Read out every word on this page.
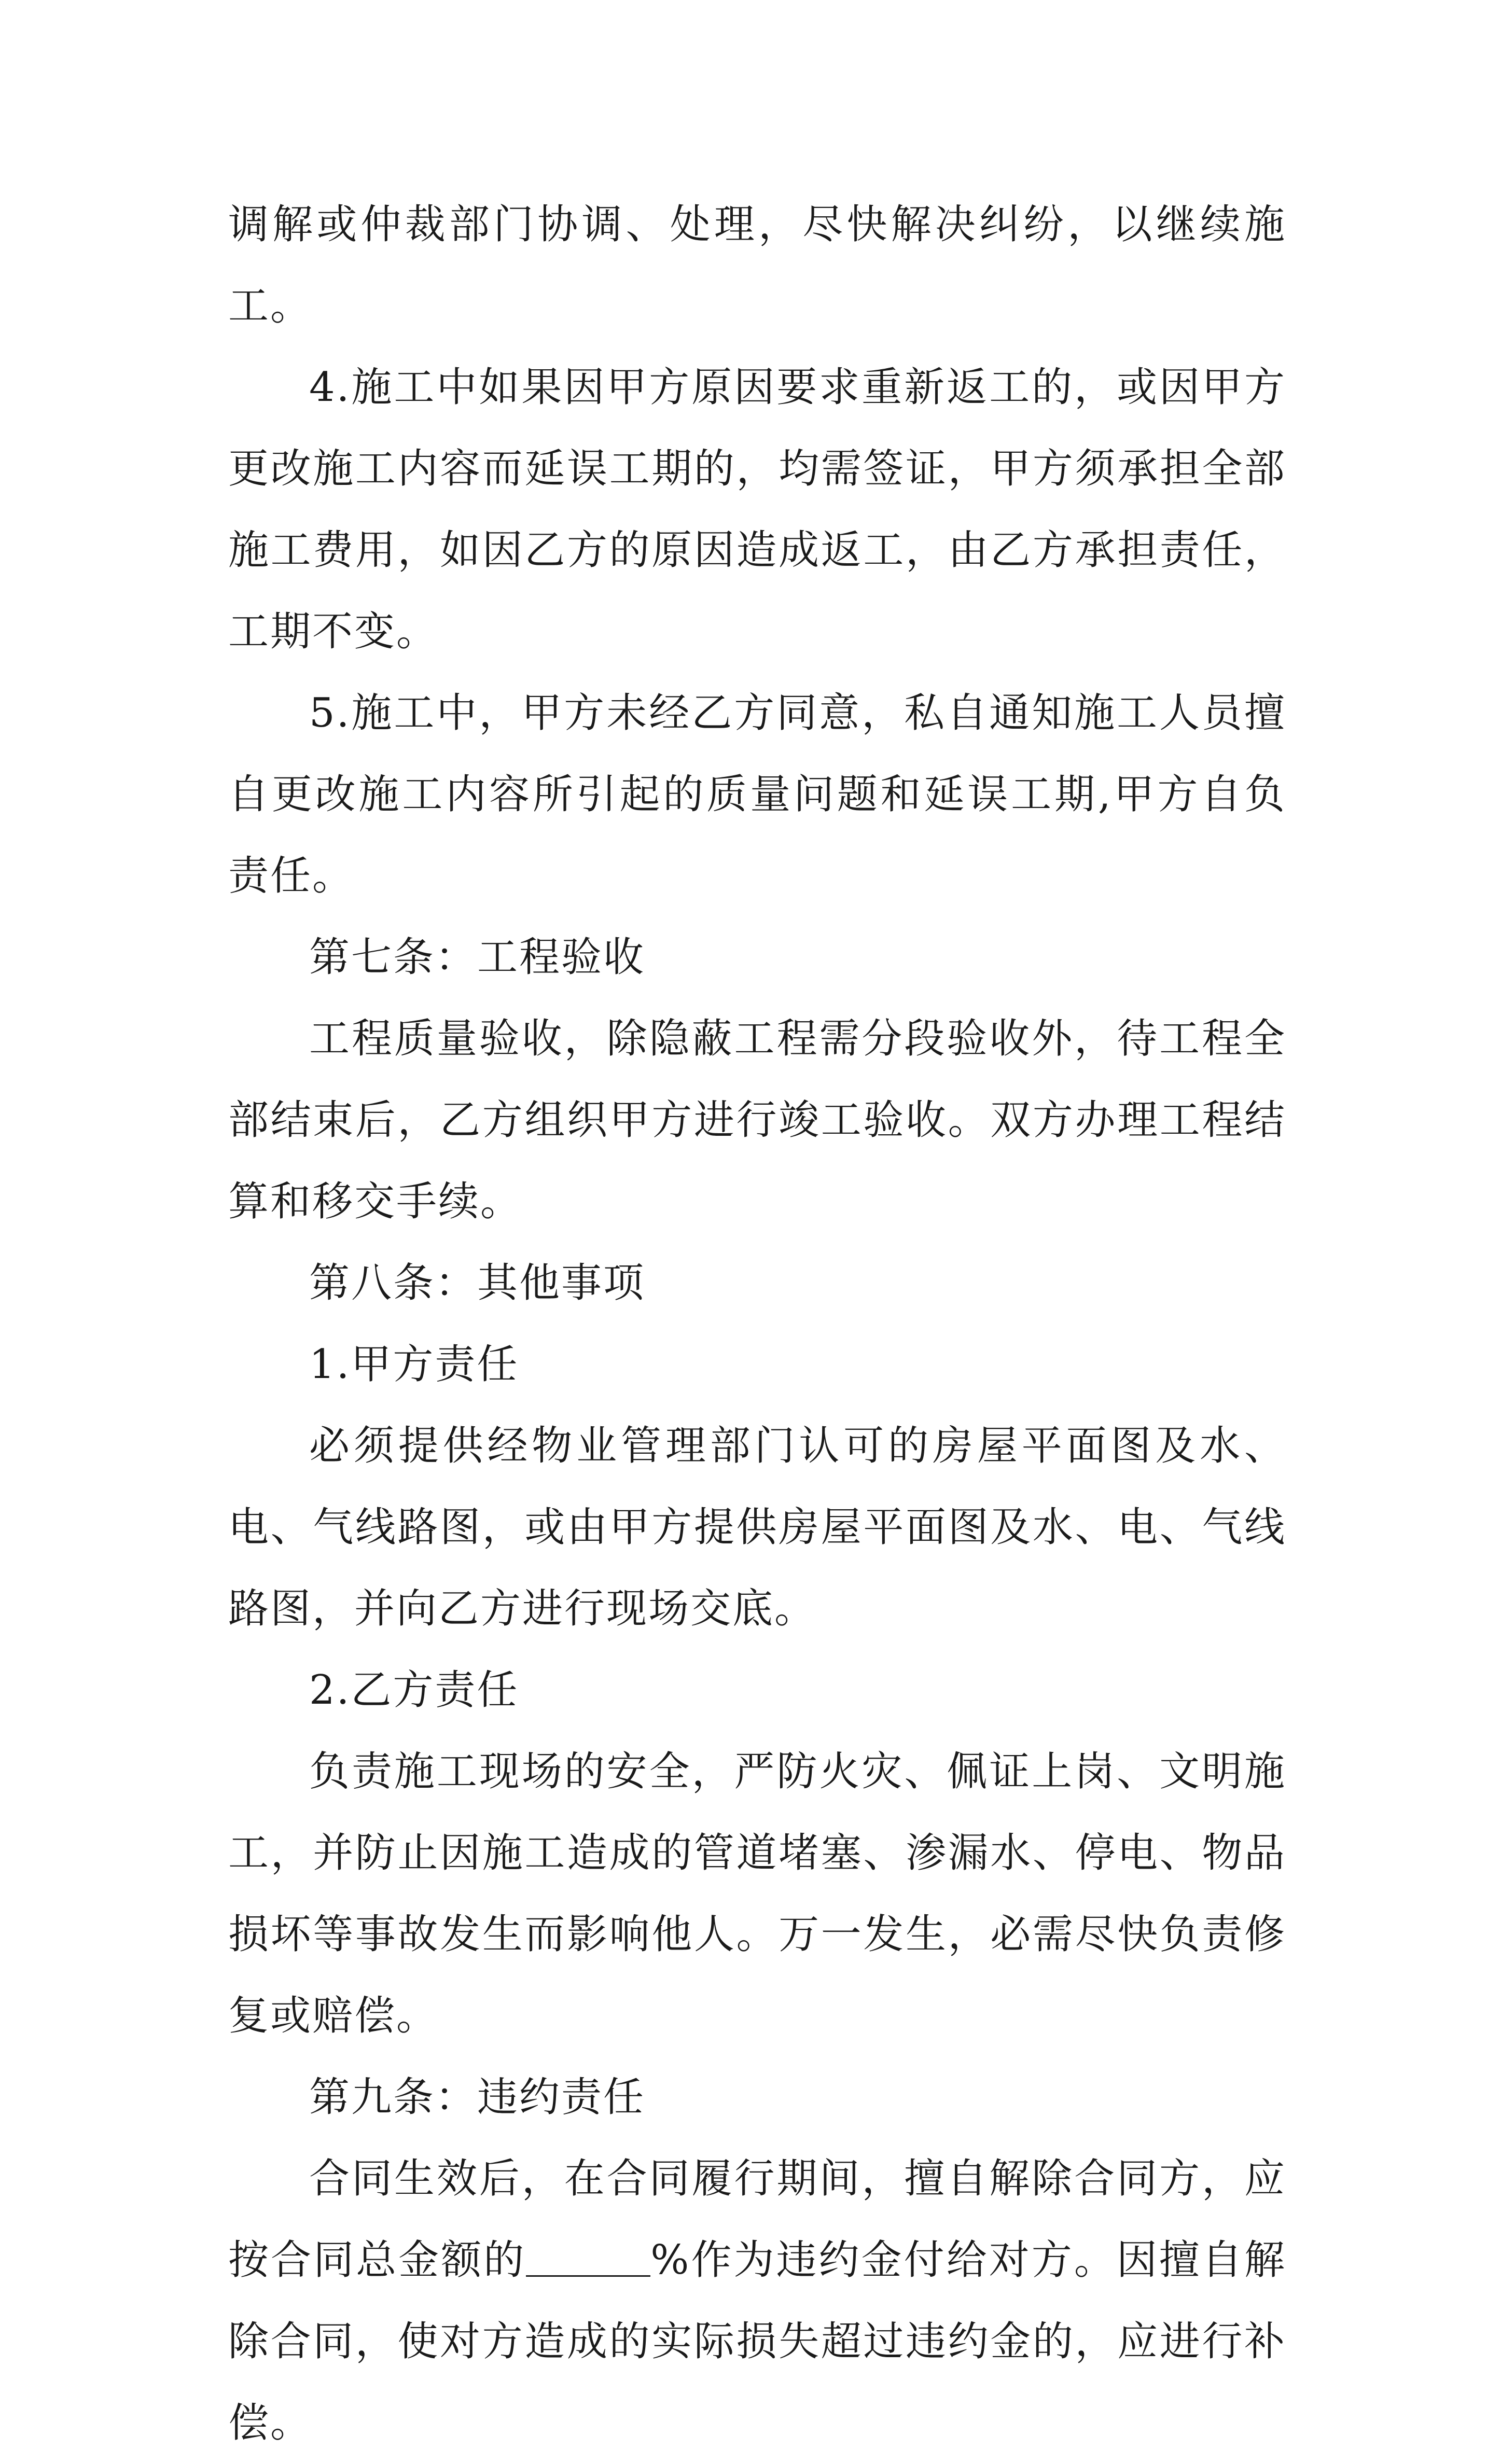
调解或仲裁部门协调、处理，尽快解决纠纷，以继续施工。

4.施工中如果因甲方原因要求重新返工的，或因甲方更改施工内容而延误工期的，均需签证，甲方须承担全部施工费用，如因乙方的原因造成返工，由乙方承担责任，工期不变。

5.施工中，甲方未经乙方同意，私自通知施工人员擅自更改施工内容所引起的质量问题和延误工期,甲方自负责任。

第七条：工程验收

工程质量验收，除隐蔽工程需分段验收外，待工程全部结束后，乙方组织甲方进行竣工验收。双方办理工程结算和移交手续。

第八条：其他事项

1.甲方责任

必须提供经物业管理部门认可的房屋平面图及水、电、气线路图，或由甲方提供房屋平面图及水、电、气线路图，并向乙方进行现场交底。

2.乙方责任

负责施工现场的安全，严防火灾、佩证上岗、文明施工，并防止因施工造成的管道堵塞、渗漏水、停电、物品损坏等事故发生而影响他人。万一发生，必需尽快负责修复或赔偿。

第九条：违约责任

合同生效后，在合同履行期间，擅自解除合同方，应按合同总金额的	%作为违约金付给对方。因擅自解除合同，使对方造成的实际损失超过违约金的，应进行补偿。
